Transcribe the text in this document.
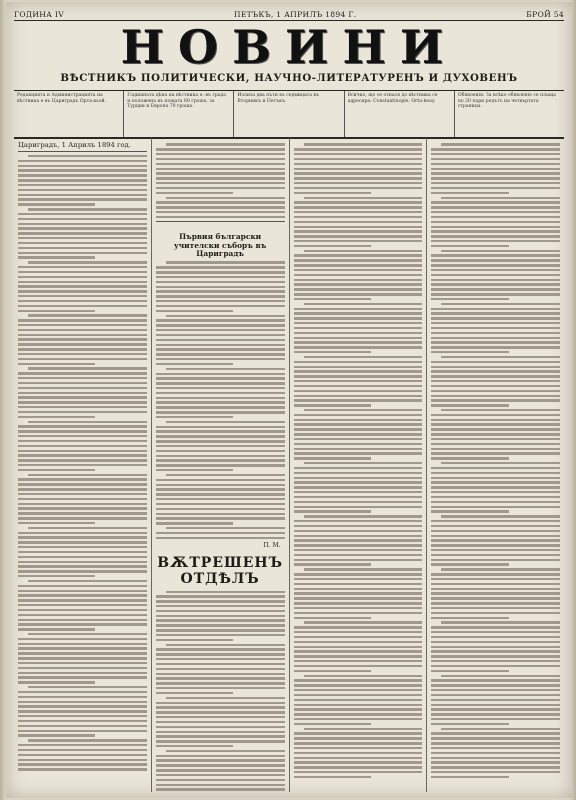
ГОДИНА IV	ПЕТЪКЪ, 1 АПРИЛЪ 1894 Г.	БРОЙ 54
НОВИНИ
ВѢСТНИКЪ ПОЛИТИЧЕСКИ, НАУЧНО-ЛИТЕРАТУРЕНЪ И ДУХОВЕНЪ
Редакцията и Администрацията на вѣстника е въ Цариградъ Орта-кьой.
Годишната цѣна на вѣстника е: въ града и положена въ пощата 60 гроша, за Турция и Европа 70 гроша.
Излиза два пъти въ седмицата въ Вторникъ и Петъкъ.
Всичко, що се отнася до вѣстника се адресира: Constantinople, Orta-kеuy.
Обявленія: За всѣко обявленіе се плаща по 20 пари редътъ на четвъртата страница.
Цариградъ, 1 Априлъ 1894 год.
Първия български учителски съборъ въ Цариградъ
П. М.
ВѪТРЕШЕНЪ ОТДѢЛЪ
